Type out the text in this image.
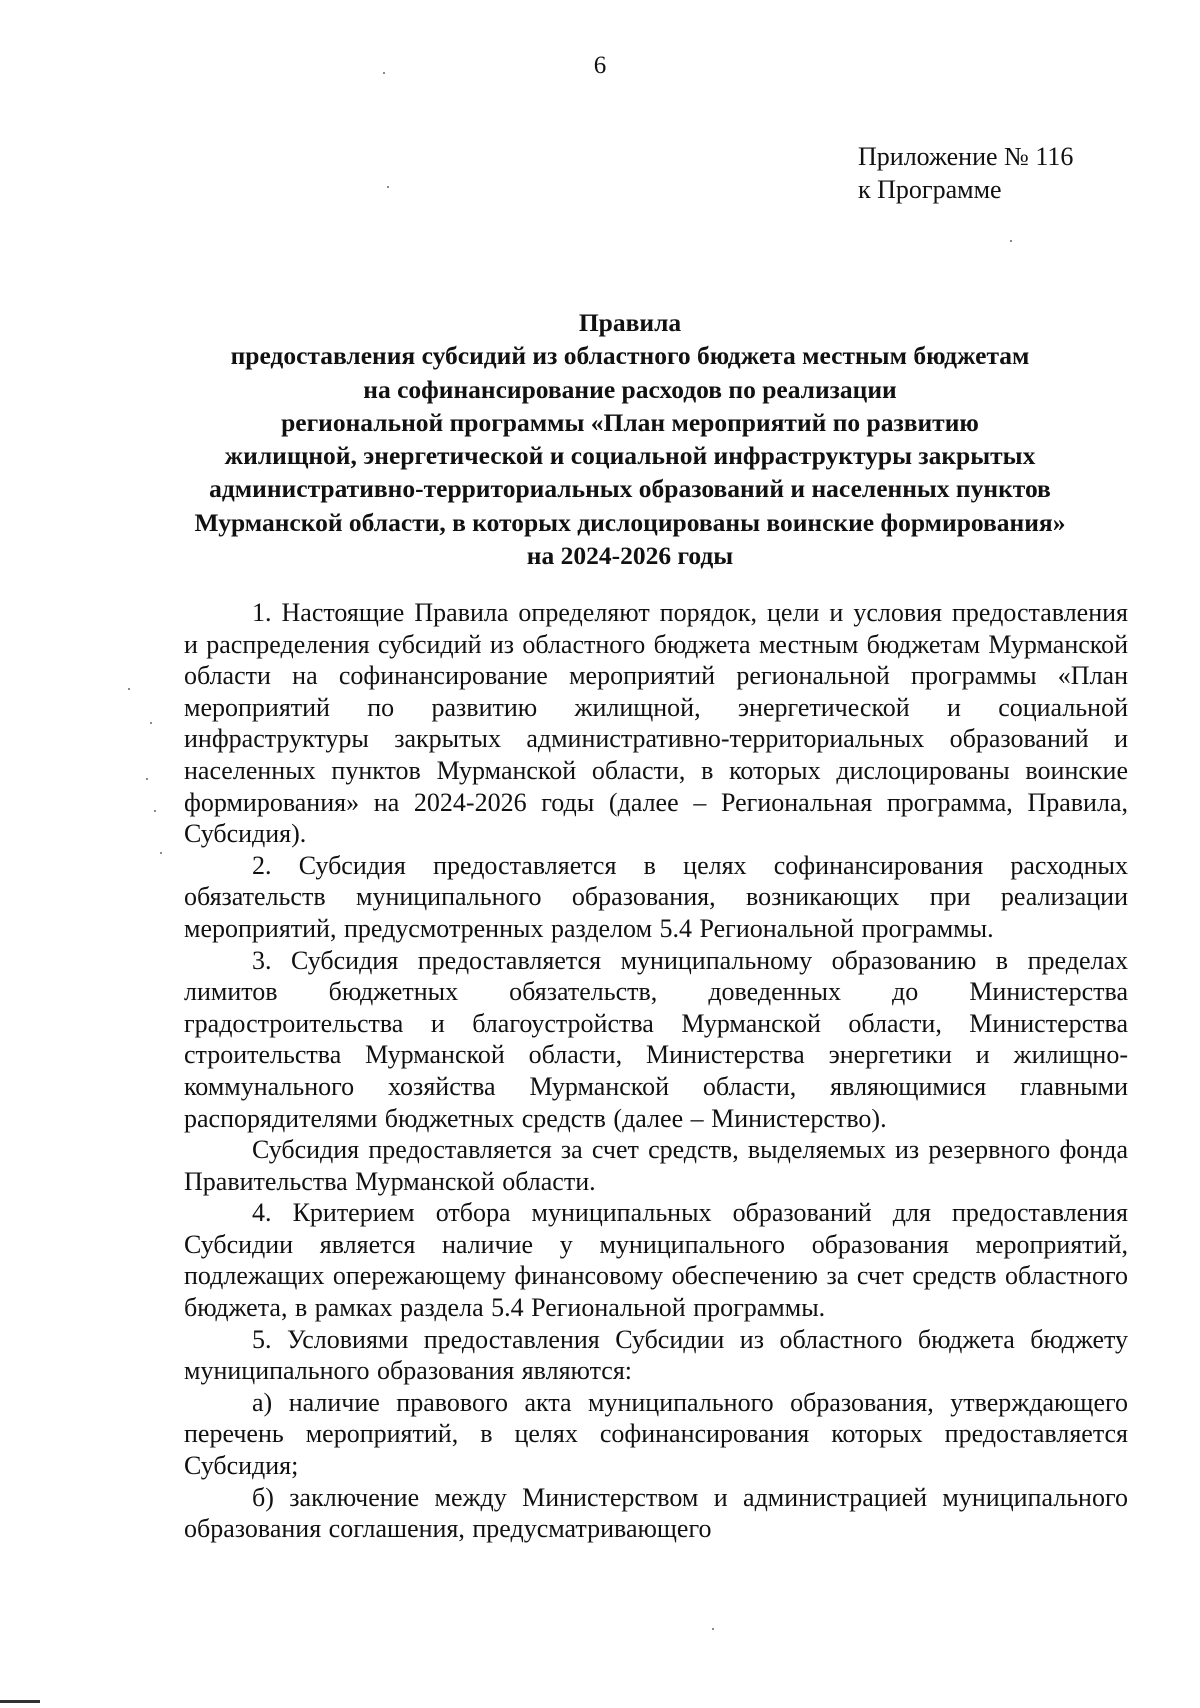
6
Приложение № 116
к Программе
Правила
предоставления субсидий из областного бюджета местным бюджетам
на софинансирование расходов по реализации
региональной программы «План мероприятий по развитию
жилищной, энергетической и социальной инфраструктуры закрытых
административно-территориальных образований и населенных пунктов
Мурманской области, в которых дислоцированы воинские формирования»
на 2024-2026 годы

1. Настоящие Правила определяют порядок, цели и условия предоставления и распределения субсидий из областного бюджета местным бюджетам Мурманской области на софинансирование мероприятий региональной программы «План мероприятий по развитию жилищной, энергетической и социальной инфраструктуры закрытых административно-территориальных образований и населенных пунктов Мурманской области, в которых дислоцированы воинские формирования» на 2024-2026 годы (далее – Региональная программа, Правила, Субсидия).

2. Субсидия предоставляется в целях софинансирования расходных обязательств муниципального образования, возникающих при реализации мероприятий, предусмотренных разделом 5.4 Региональной программы.

3. Субсидия предоставляется муниципальному образованию в пределах лимитов бюджетных обязательств, доведенных до Министерства градостроительства и благоустройства Мурманской области, Министерства строительства Мурманской области, Министерства энергетики и жилищно-коммунального хозяйства Мурманской области, являющимися главными распорядителями бюджетных средств (далее – Министерство).

Субсидия предоставляется за счет средств, выделяемых из резервного фонда Правительства Мурманской области.

4. Критерием отбора муниципальных образований для предоставления Субсидии является наличие у муниципального образования мероприятий, подлежащих опережающему финансовому обеспечению за счет средств областного бюджета, в рамках раздела 5.4 Региональной программы.

5. Условиями предоставления Субсидии из областного бюджета бюджету муниципального образования являются:

а) наличие правового акта муниципального образования, утверждающего перечень мероприятий, в целях софинансирования которых предоставляется Субсидия;

б) заключение между Министерством и администрацией муниципального образования соглашения, предусматривающего
